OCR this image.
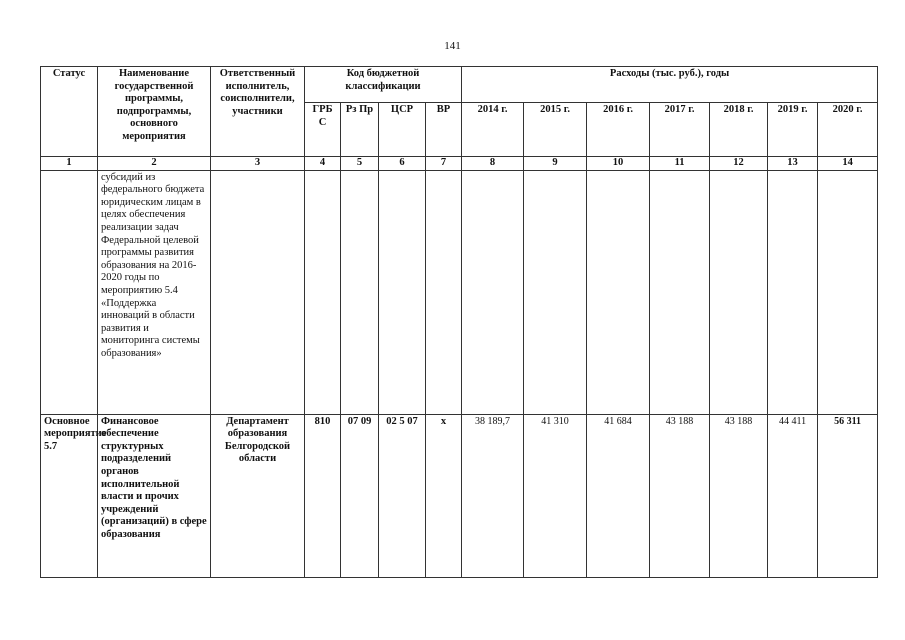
141
Статус	Наименование государственной программы, подпрограммы, основного мероприятия	Ответственный исполнитель, соисполнители, участники	Код бюджетной классификации				Расходы (тыс. руб.), годы						
			ГРБ С	Рз Пр	ЦСР	ВР	2014 г.	2015 г.	2016 г.	2017 г.	2018 г.	2019 г.	2020 г.
1	2	3	4	5	6	7	8	9	10	11	12	13	14
	субсидий из федерального бюджета юридическим лицам в целях обеспечения реализации задач Федеральной целевой программы развития образования на 2016-2020 годы по мероприятию 5.4 «Поддержка инноваций в области развития и мониторинга системы образования»												
Основное мероприятие 5.7	Финансовое обеспечение структурных подразделений органов исполнительной власти и прочих учреждений (организаций) в сфере образования	Департамент образования Белгородской области	810	07 09	02 5 07	х	38 189,7	41 310	41 684	43 188	43 188	44 411	56 311
